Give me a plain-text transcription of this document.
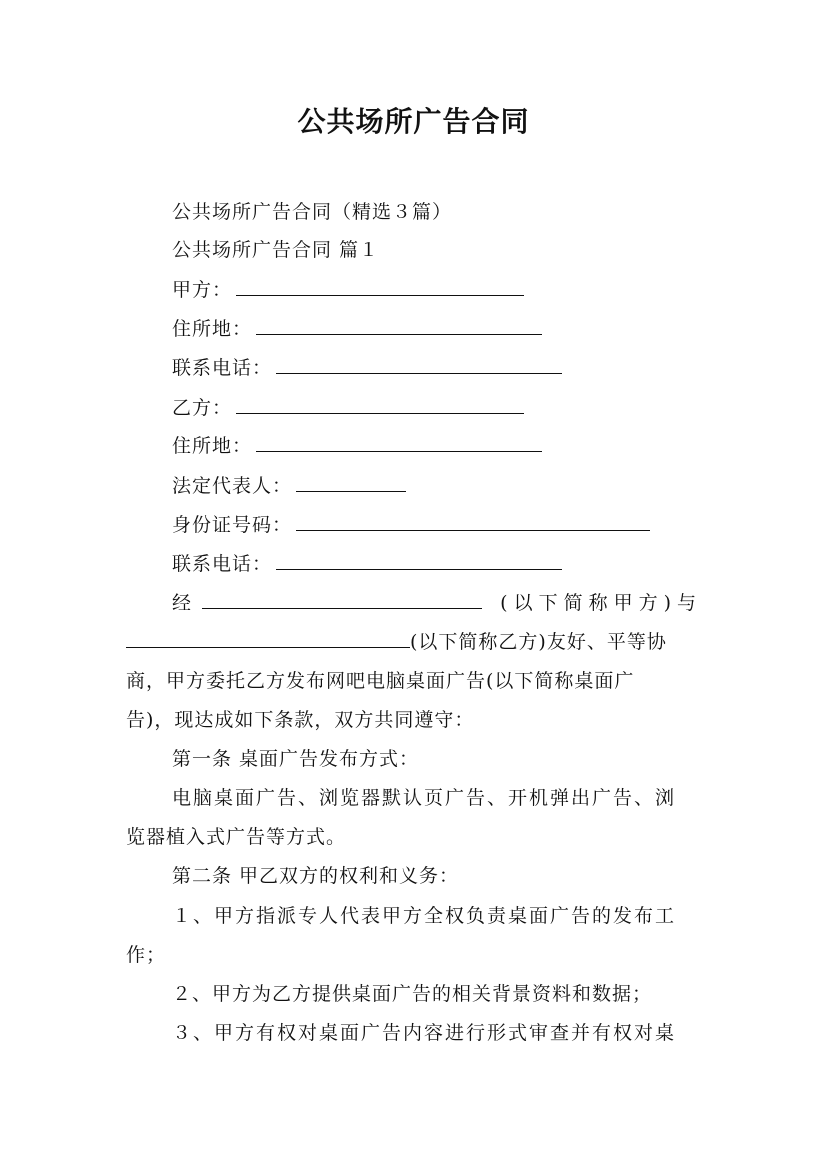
公共场所广告合同
公共场所广告合同（精选３篇）
公共场所广告合同 篇１
甲方：
住所地：
联系电话：
乙方：
住所地：
法定代表人：
身份证号码：
联系电话：
经	(以下简称甲方)与
(以下简称乙方)友好、平等协
商，甲方委托乙方发布网吧电脑桌面广告(以下简称桌面广
告)，现达成如下条款，双方共同遵守：
第一条 桌面广告发布方式：
电脑桌面广告、浏览器默认页广告、开机弹出广告、浏
览器植入式广告等方式。
第二条 甲乙双方的权利和义务：
１、甲方指派专人代表甲方全权负责桌面广告的发布工
作；
２、甲方为乙方提供桌面广告的相关背景资料和数据；
３、甲方有权对桌面广告内容进行形式审查并有权对桌
